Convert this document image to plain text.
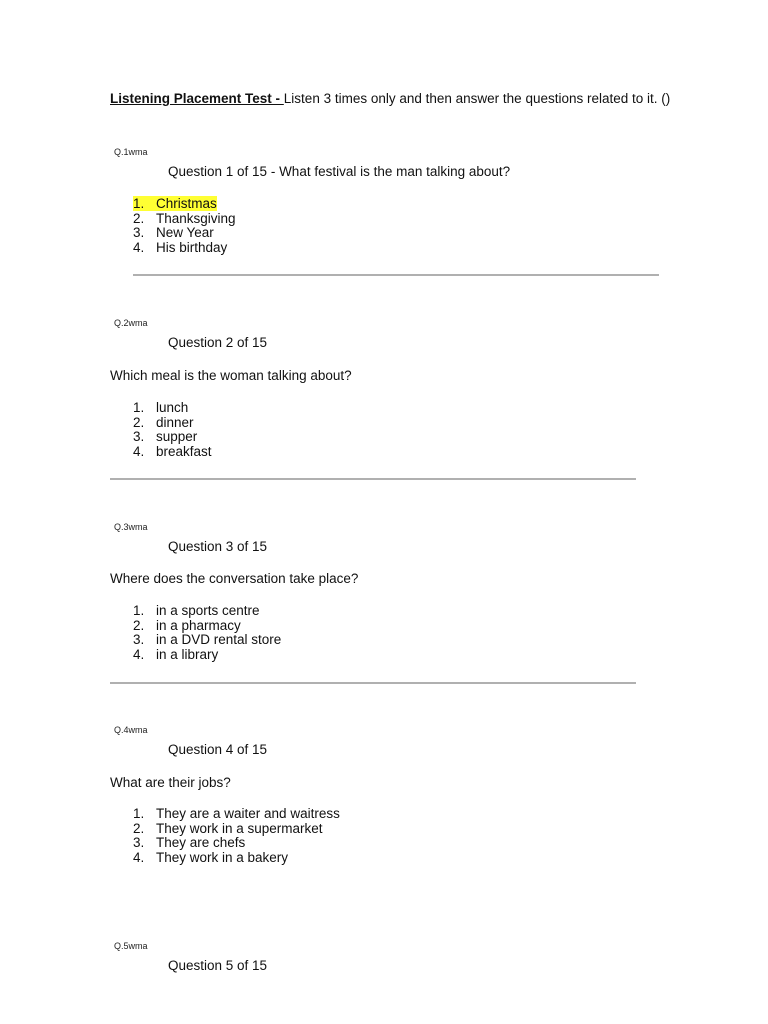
Listening Placement Test - Listen 3 times only and then answer the questions related to it. ()
Q.1wma
Question 1 of 15 - What festival is the man talking about?
1. Christmas
2. Thanksgiving
3. New Year
4. His birthday
Q.2wma
Question 2 of 15
Which meal is the woman talking about?
1. lunch
2. dinner
3. supper
4. breakfast
Q.3wma
Question 3 of 15
Where does the conversation take place?
1. in a sports centre
2. in a pharmacy
3. in a DVD rental store
4. in a library
Q.4wma
Question 4 of 15
What are their jobs?
1. They are a waiter and waitress
2. They work in a supermarket
3. They are chefs
4. They work in a bakery
Q.5wma
Question 5 of 15
